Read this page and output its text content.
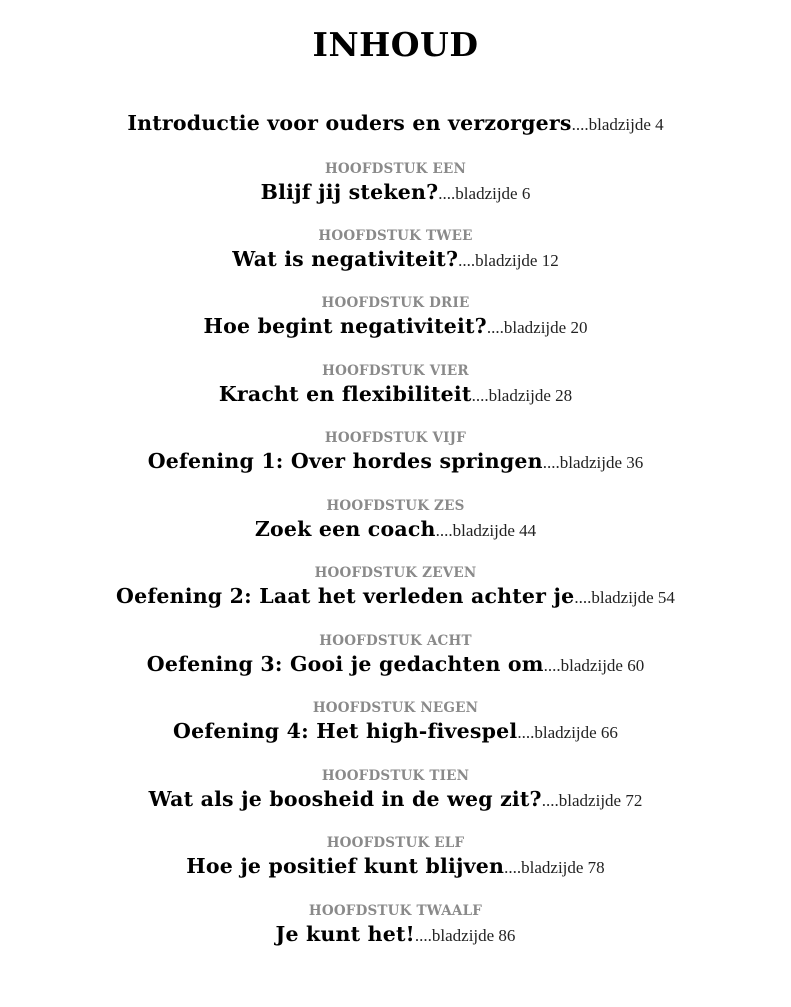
INHOUD
Introductie voor ouders en verzorgers....bladzijde 4
HOOFDSTUK EEN
Blijf jij steken?....bladzijde 6
HOOFDSTUK TWEE
Wat is negativiteit?....bladzijde 12
HOOFDSTUK DRIE
Hoe begint negativiteit?....bladzijde 20
HOOFDSTUK VIER
Kracht en flexibiliteit....bladzijde 28
HOOFDSTUK VIJF
Oefening 1: Over hordes springen....bladzijde 36
HOOFDSTUK ZES
Zoek een coach....bladzijde 44
HOOFDSTUK ZEVEN
Oefening 2: Laat het verleden achter je....bladzijde 54
HOOFDSTUK ACHT
Oefening 3: Gooi je gedachten om....bladzijde 60
HOOFDSTUK NEGEN
Oefening 4: Het high-fivespel....bladzijde 66
HOOFDSTUK TIEN
Wat als je boosheid in de weg zit?....bladzijde 72
HOOFDSTUK ELF
Hoe je positief kunt blijven....bladzijde 78
HOOFDSTUK TWAALF
Je kunt het!....bladzijde 86
